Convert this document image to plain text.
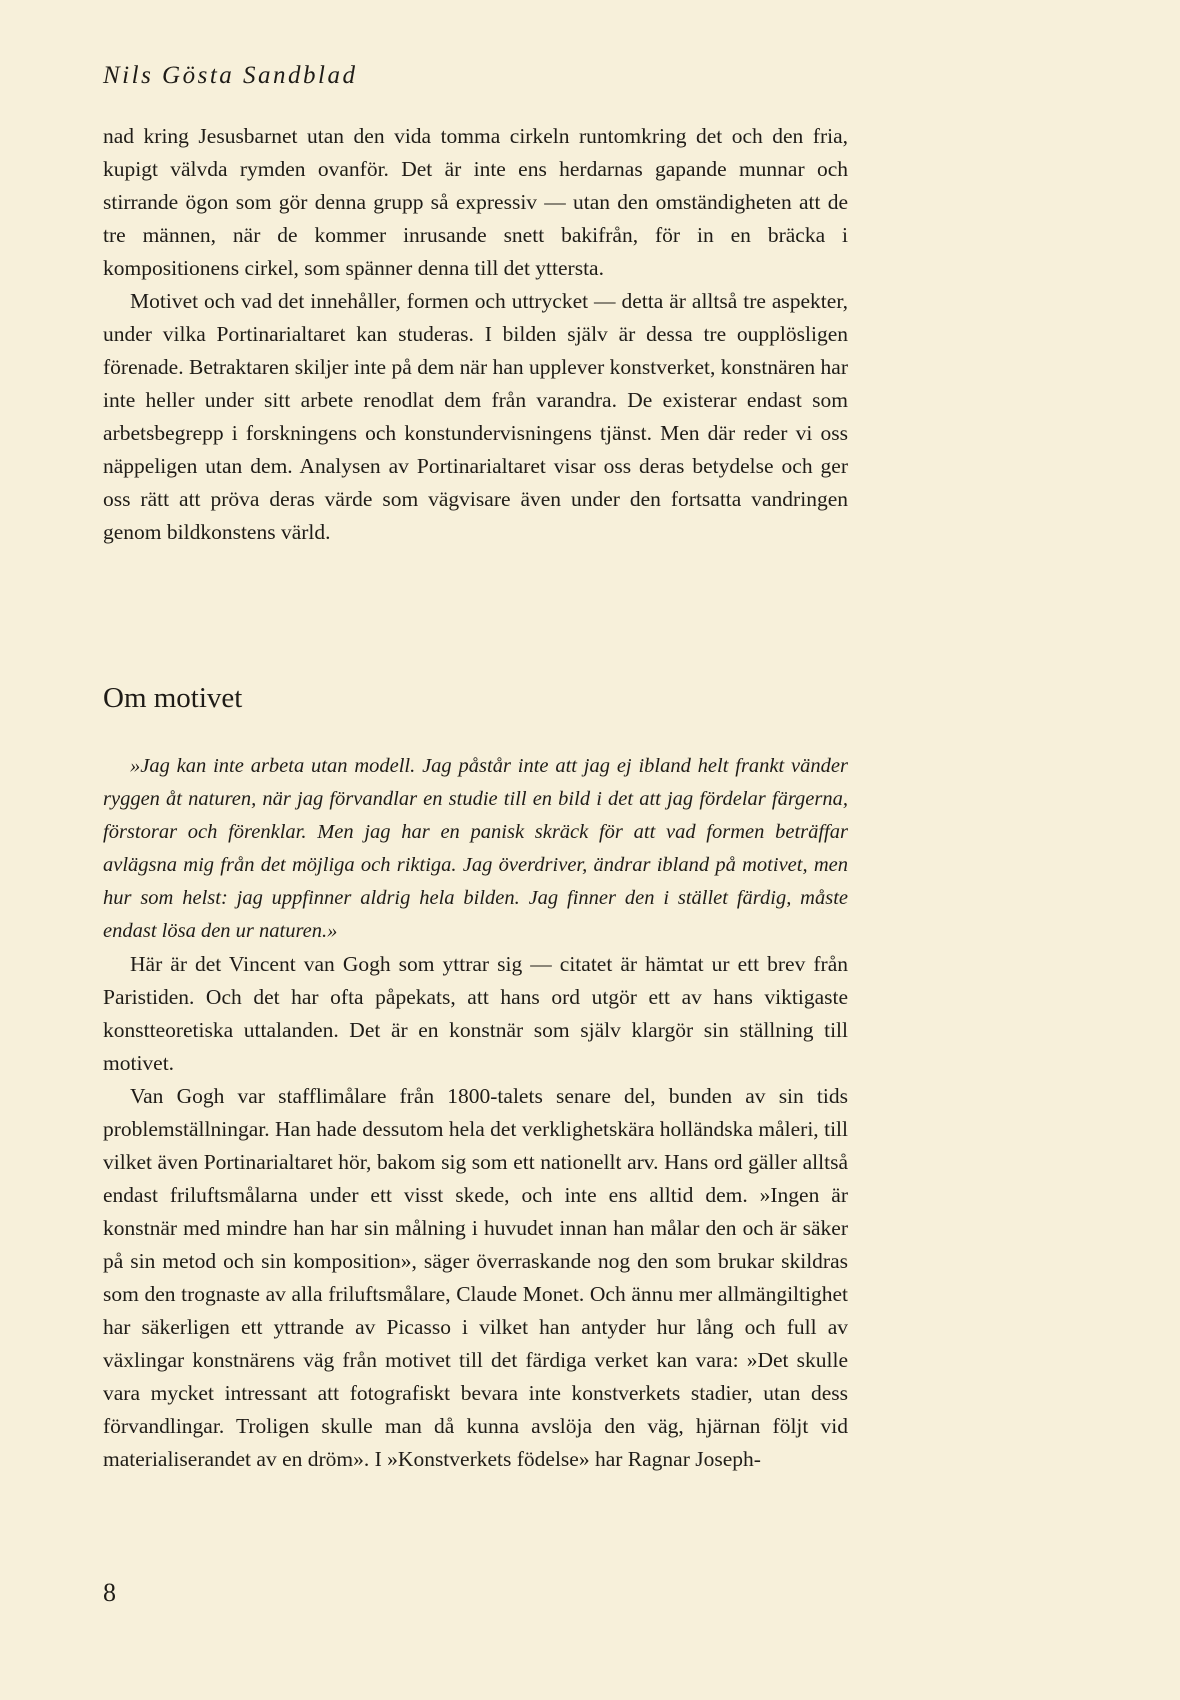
Nils Gösta Sandblad

nad kring Jesusbarnet utan den vida tomma cirkeln runtomkring det och den fria, kupigt välvda rymden ovanför. Det är inte ens herdarnas gapande munnar och stirrande ögon som gör denna grupp så expressiv — utan den omständigheten att de tre männen, när de kommer inrusande snett bakifrån, för in en bräcka i kompositionens cirkel, som spänner denna till det yttersta.

Motivet och vad det innehåller, formen och uttrycket — detta är alltså tre aspekter, under vilka Portinarialtaret kan studeras. I bilden själv är dessa tre oupplösligen förenade. Betraktaren skiljer inte på dem när han upplever konstverket, konstnären har inte heller under sitt arbete renodlat dem från varandra. De existerar endast som arbetsbegrepp i forskningens och konstundervisningens tjänst. Men där reder vi oss näppeligen utan dem. Analysen av Portinarialtaret visar oss deras betydelse och ger oss rätt att pröva deras värde som vägvisare även under den fortsatta vandringen genom bildkonstens värld.

Om motivet

»Jag kan inte arbeta utan modell. Jag påstår inte att jag ej ibland helt frankt vänder ryggen åt naturen, när jag förvandlar en studie till en bild i det att jag fördelar färgerna, förstorar och förenklar. Men jag har en panisk skräck för att vad formen beträffar avlägsna mig från det möjliga och riktiga. Jag överdriver, ändrar ibland på motivet, men hur som helst: jag uppfinner aldrig hela bilden. Jag finner den i stället färdig, måste endast lösa den ur naturen.»

Här är det Vincent van Gogh som yttrar sig — citatet är hämtat ur ett brev från Paristiden. Och det har ofta påpekats, att hans ord utgör ett av hans viktigaste konstteoretiska uttalanden. Det är en konstnär som själv klargör sin ställning till motivet.

Van Gogh var stafflimålare från 1800-talets senare del, bunden av sin tids problemställningar. Han hade dessutom hela det verklighetskära holländska måleri, till vilket även Portinarialtaret hör, bakom sig som ett nationellt arv. Hans ord gäller alltså endast friluftsmålarna under ett visst skede, och inte ens alltid dem. »Ingen är konstnär med mindre han har sin målning i huvudet innan han målar den och är säker på sin metod och sin komposition», säger överraskande nog den som brukar skildras som den trognaste av alla friluftsmålare, Claude Monet. Och ännu mer allmängiltighet har säkerligen ett yttrande av Picasso i vilket han antyder hur lång och full av växlingar konstnärens väg från motivet till det färdiga verket kan vara: »Det skulle vara mycket intressant att fotografiskt bevara inte konstverkets stadier, utan dess förvandlingar. Troligen skulle man då kunna avslöja den väg, hjärnan följt vid materialiserandet av en dröm». I »Konstverkets födelse» har Ragnar Joseph-

8
